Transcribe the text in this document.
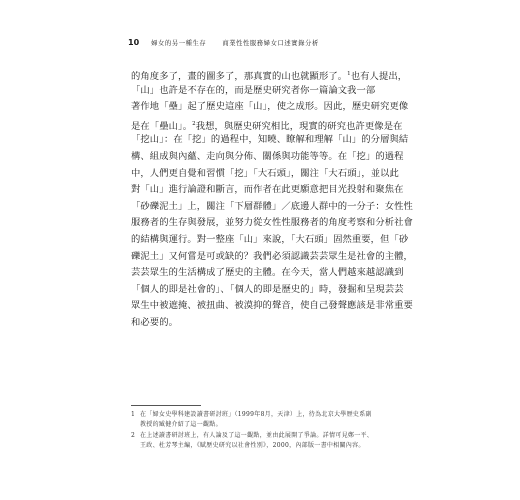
10 婦女的另一種生存	商業性性服務婦女口述實錄分析
的角度多了，畫的圖多了，那真實的山也就顯形了。$^1$也有人提出，
「山」也許是不存在的，而是歷史研究者你一篇論文我一部
著作地「壘」起了歷史這座「山」，使之成形。因此，歷史研究更像
是在「壘山」。$^2$我想，與歷史研究相比，現實的研究也許更像是在
「挖山」：在「挖」的過程中，知曉、瞭解和理解「山」的分層與結
構、組成與內蘊、走向與分佈、關係與功能等等。在「挖」的過程
中，人們更自覺和習慣「挖」「大石頭」，關注「大石頭」，並以此
對「山」進行論證和斷言，而作者在此更願意把目光投射和聚焦在
「砂礫泥土」上，關注「下層群體」／底邊人群中的一分子：女性性
服務者的生存與發展，並努力從女性性服務者的角度考察和分析社會
的結構與運行。對一整座「山」來說，「大石頭」固然重要，但「砂
礫泥土」又何嘗是可或缺的？我們必須認識芸芸眾生是社會的主體，
芸芸眾生的生活構成了歷史的主體。在今天，當人們越來越認識到
「個人的即是社會的」、「個人的即是歷史的」時，發掘和呈現芸芸
眾生中被遮掩、被扭曲、被漠抑的聲音，使自己發聲應該是非常重要
和必要的。
1 在「婦女史學科建設讀書研討班」（1999年8月，天津）上，待為北京大學歷史系副
教授的臧健介紹了這一觀點。
2 在上述讀書研討班上，有人論及了這一觀點，並由此展開了爭論。詳情可見鄭一平、
王政、杜芳琴主編，《賦歷史研究以社會性別》，2000，內部版一書中相關內容。
